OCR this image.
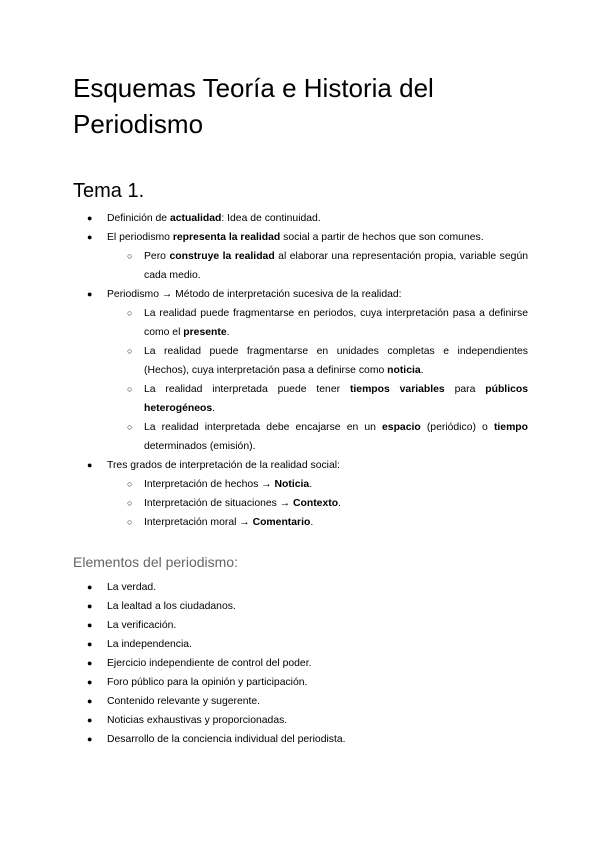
Esquemas Teoría e Historia del Periodismo
Tema 1.
● Definición de actualidad: Idea de continuidad.
● El periodismo representa la realidad social a partir de hechos que son comunes.
○ Pero construye la realidad al elaborar una representación propia, variable según cada medio.
● Periodismo → Método de interpretación sucesiva de la realidad:
○ La realidad puede fragmentarse en periodos, cuya interpretación pasa a definirse como el presente.
○ La realidad puede fragmentarse en unidades completas e independientes (Hechos), cuya interpretación pasa a definirse como noticia.
○ La realidad interpretada puede tener tiempos variables para públicos heterogéneos.
○ La realidad interpretada debe encajarse en un espacio (periódico) o tiempo determinados (emisión).
● Tres grados de interpretación de la realidad social:
○ Interpretación de hechos → Noticia.
○ Interpretación de situaciones → Contexto.
○ Interpretación moral → Comentario.
Elementos del periodismo:
● La verdad.
● La lealtad a los ciudadanos.
● La verificación.
● La independencia.
● Ejercicio independiente de control del poder.
● Foro público para la opinión y participación.
● Contenido relevante y sugerente.
● Noticias exhaustivas y proporcionadas.
● Desarrollo de la conciencia individual del periodista.
